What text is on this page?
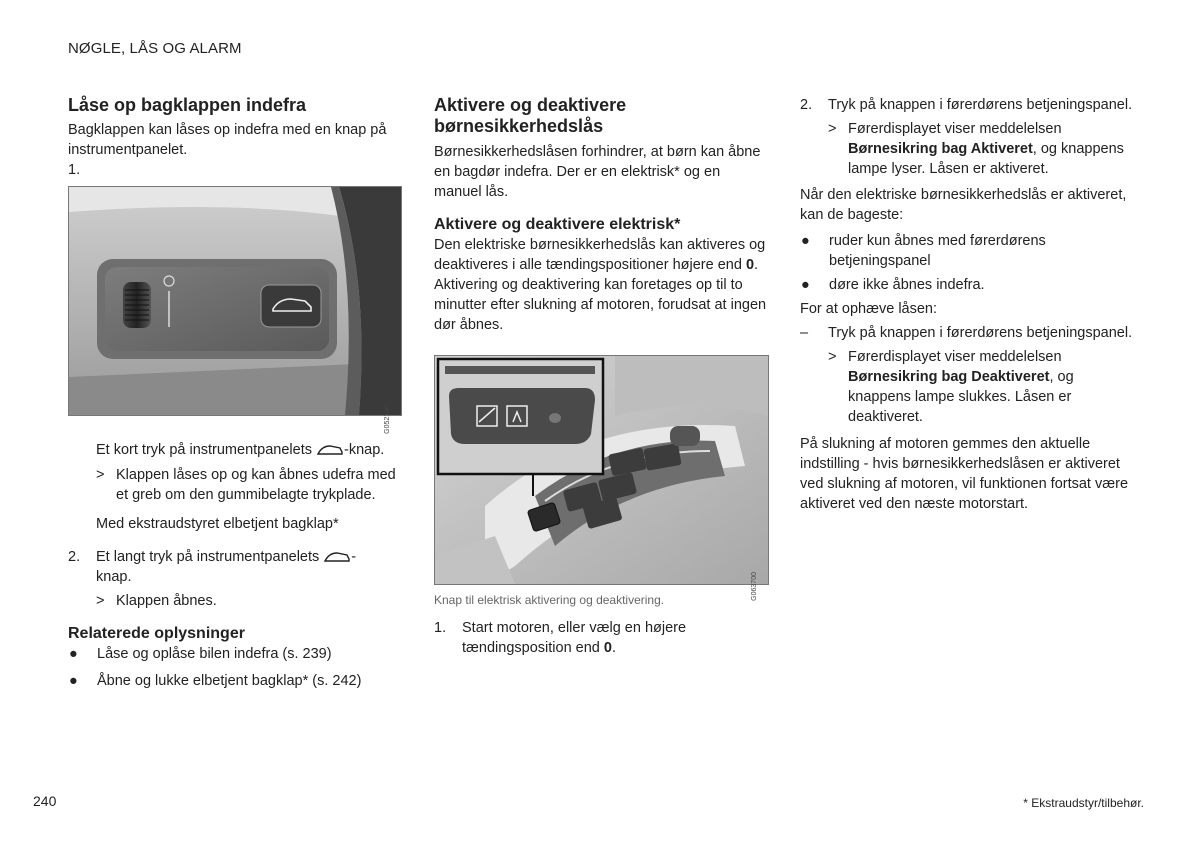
NØGLE, LÅS OG ALARM
Låse op bagklappen indefra

Bagklappen kan låses op indefra med en knap på instrumentpanelet.

1.
G052140
Et kort tryk på instrumentpanelets -knap.
> Klappen låses op og kan åbnes udefra med et greb om den gummibelagte trykplade.
Med ekstraudstyret elbetjent bagklap*
2.	Et langt tryk på instrumentpanelets -
knap.
> Klappen åbnes.
Relaterede oplysninger
●	Låse og oplåse bilen indefra (s. 239)
●	Åbne og lukke elbetjent bagklap* (s. 242)
Aktivere og deaktivere
børnesikkerhedslås

Børnesikkerhedslåsen forhindrer, at børn kan åbne en bagdør indefra. Der er en elektrisk* og en manuel lås.

Aktivere og deaktivere elektrisk*

Den elektriske børnesikkerhedslås kan aktiveres og deaktiveres i alle tændingspositioner højere end 0. Aktivering og deaktivering kan foretages op til to minutter efter slukning af motoren, forudsat at ingen dør åbnes.

G063700
Knap til elektrisk aktivering og deaktivering.
1.	Start motoren, eller vælg en højere tændingsposition end 0.
2.	Tryk på knappen i førerdørens betjeningspanel.
> Førerdisplayet viser meddelelsen Børnesikring bag Aktiveret, og knappens lampe lyser. Låsen er aktiveret.

Når den elektriske børnesikkerhedslås er aktiveret, kan de bageste:

●	ruder kun åbnes med førerdørens betjeningspanel
●	døre ikke åbnes indefra.

For at ophæve låsen:

–	Tryk på knappen i førerdørens betjeningspanel.
> Førerdisplayet viser meddelelsen Børnesikring bag Deaktiveret, og knappens lampe slukkes. Låsen er deaktiveret.

På slukning af motoren gemmes den aktuelle indstilling - hvis børnesikkerhedslåsen er aktiveret ved slukning af motoren, vil funktionen fortsat være aktiveret ved den næste motorstart.

240	* Ekstraudstyr/tilbehør.
